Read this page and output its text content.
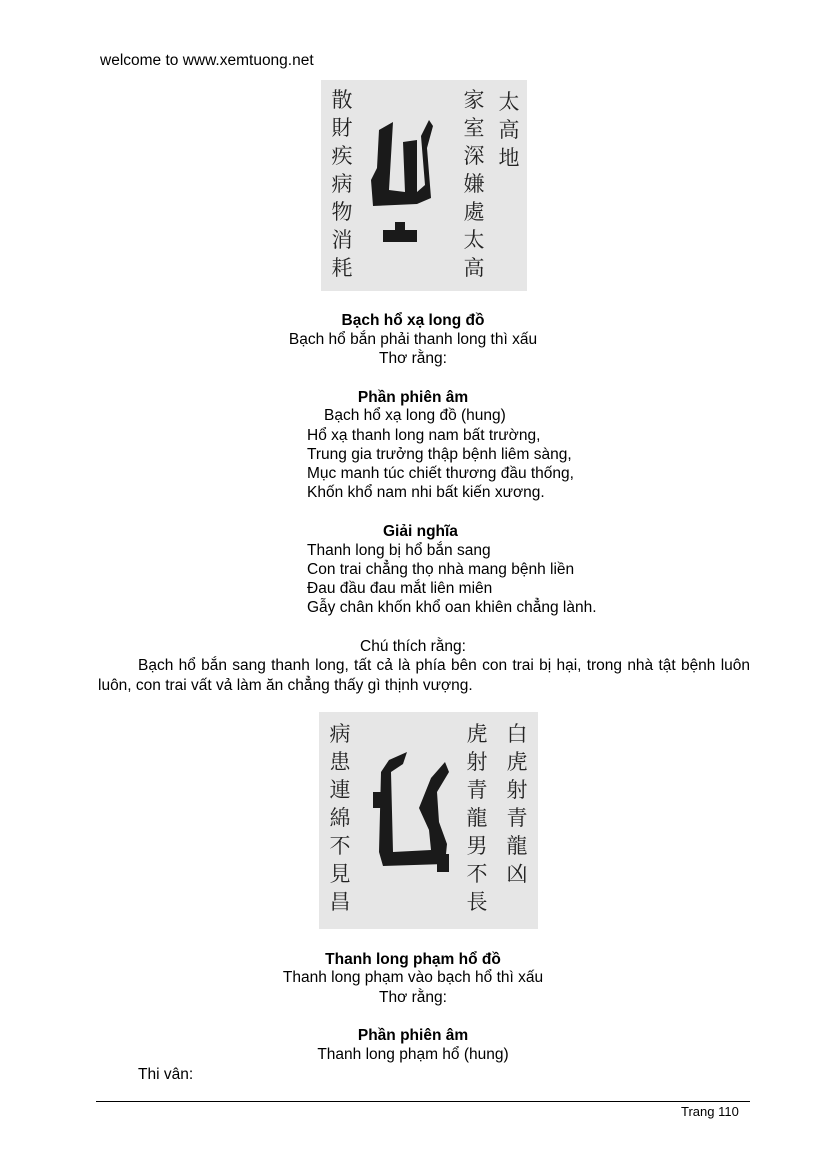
welcome to www.xemtuong.net
太高地
家室深嫌處太高
散財疾病物消耗
Bạch hổ xạ long đồ
Bạch hổ bắn phải thanh long thì xấu
Thơ rằng:
Phần phiên âm
Bạch hổ xạ long đồ (hung)
Hổ xạ thanh long nam bất trường,
Trung gia trưởng thập bệnh liêm sàng,
Mục manh túc chiết thương đầu thống,
Khốn khổ nam nhi bất kiến xương.
Giải nghĩa
Thanh long bị hổ bắn sang
Con trai chẳng thọ nhà mang bệnh liền
Đau đầu đau mắt liên miên
Gẫy chân khốn khổ oan khiên chẳng lành.
Chú thích rằng:
Bạch hổ bắn sang thanh long, tất cả là phía bên con trai bị hại, trong nhà tật bệnh luôn luôn, con trai vất vả làm ăn chẳng thấy gì thịnh vượng.
白虎射青龍凶
虎射青龍男不長
病患連綿不見昌
Thanh long phạm hổ đồ
Thanh long phạm vào bạch hổ thì xấu
Thơ rằng:
Phần phiên âm
Thanh long phạm hổ (hung)
Thi vân:
Trang 110
